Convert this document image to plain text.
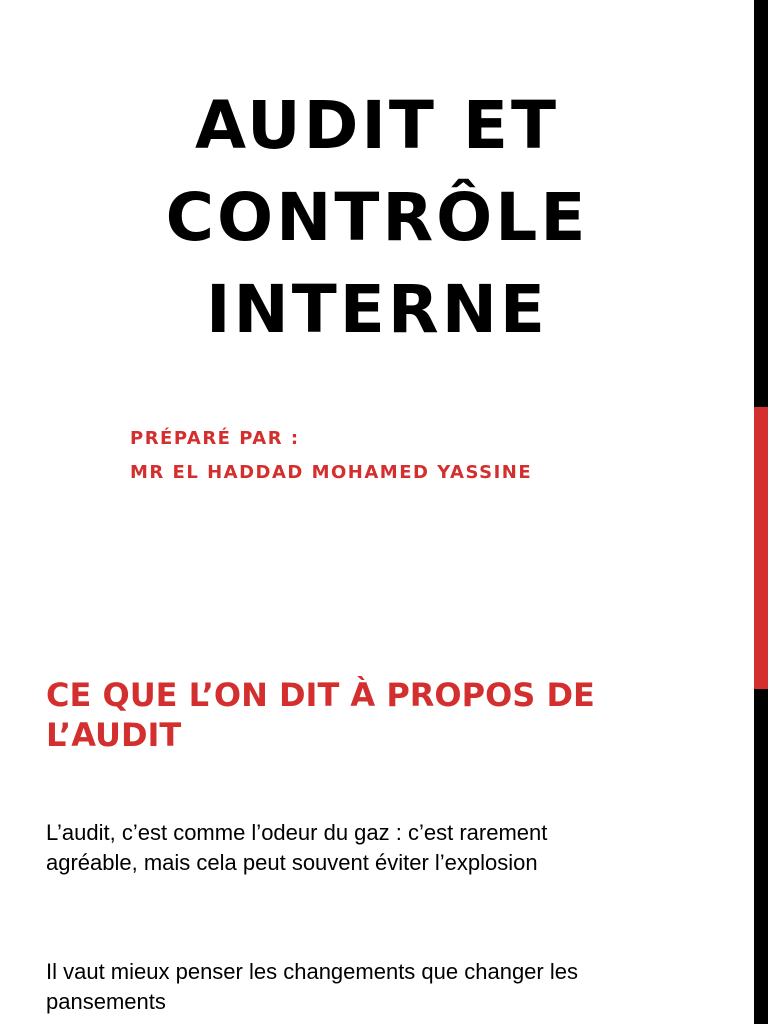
AUDIT ET
CONTRÔLE
INTERNE
PRÉPARÉ PAR :
MR EL HADDAD MOHAMED YASSINE
CE QUE L’ON DIT À PROPOS DE
L’AUDIT

L’audit, c’est comme l’odeur du gaz : c’est rarement
agréable, mais cela peut souvent éviter l’explosion

Il vaut mieux penser les changements que changer les
pansements
